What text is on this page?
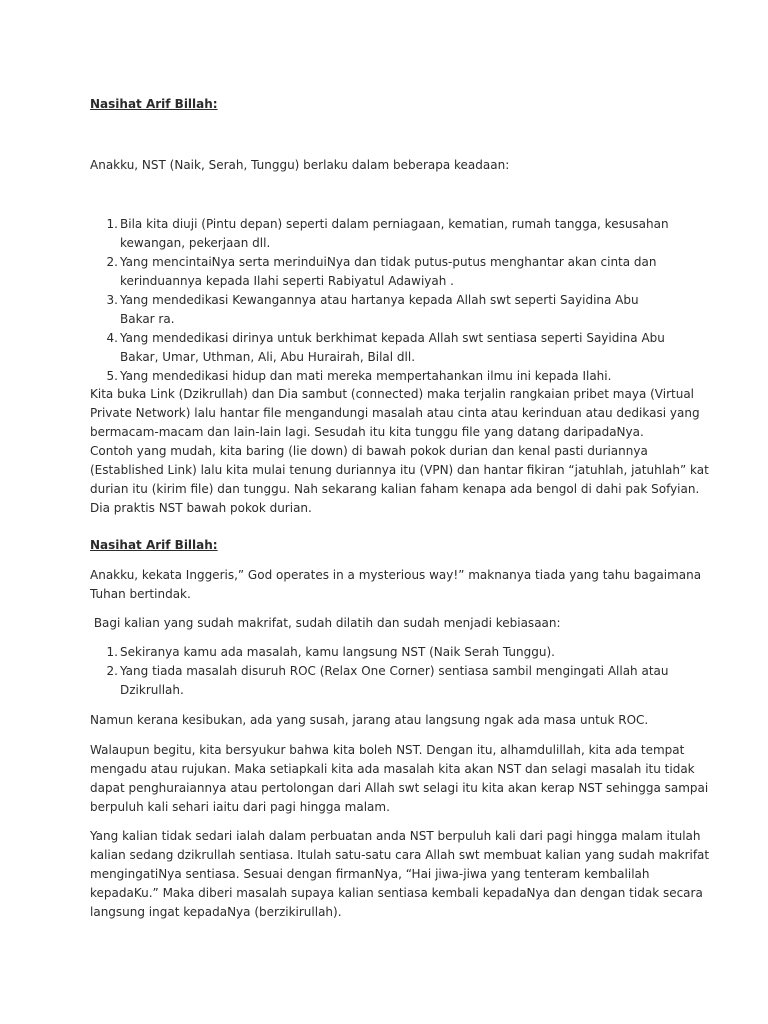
Nasihat Arif Billah:
Anakku, NST (Naik, Serah, Tunggu) berlaku dalam beberapa keadaan:
1. Bila kita diuji (Pintu depan) seperti dalam perniagaan, kematian, rumah tangga, kesusahan
kewangan, pekerjaan dll.
2. Yang mencintaiNya serta merinduiNya dan tidak putus-putus menghantar akan cinta dan
kerinduannya kepada Ilahi seperti Rabiyatul Adawiyah .
3. Yang mendedikasi Kewangannya atau hartanya kepada Allah swt seperti Sayidina Abu
Bakar ra.
4. Yang mendedikasi dirinya untuk berkhimat kepada Allah swt sentiasa seperti Sayidina Abu
Bakar, Umar, Uthman, Ali, Abu Hurairah, Bilal dll.
5. Yang mendedikasi hidup dan mati mereka mempertahankan ilmu ini kepada Ilahi.
Kita buka Link (Dzikrullah) dan Dia sambut (connected) maka terjalin rangkaian pribet maya (Virtual
Private Network) lalu hantar file mengandungi masalah atau cinta atau kerinduan atau dedikasi yang
bermacam-macam dan lain-lain lagi. Sesudah itu kita tunggu file yang datang daripadaNya.
Contoh yang mudah, kita baring (lie down) di bawah pokok durian dan kenal pasti duriannya
(Established Link) lalu kita mulai tenung duriannya itu (VPN) dan hantar fikiran “jatuhlah, jatuhlah” kat
durian itu (kirim file) dan tunggu. Nah sekarang kalian faham kenapa ada bengol di dahi pak Sofyian.
Dia praktis NST bawah pokok durian.
Nasihat Arif Billah:
Anakku, kekata Inggeris,” God operates in a mysterious way!” maknanya tiada yang tahu bagaimana
Tuhan bertindak.
Bagi kalian yang sudah makrifat, sudah dilatih dan sudah menjadi kebiasaan:
1. Sekiranya kamu ada masalah, kamu langsung NST (Naik Serah Tunggu).
2. Yang tiada masalah disuruh ROC (Relax One Corner) sentiasa sambil mengingati Allah atau
Dzikrullah.
Namun kerana kesibukan, ada yang susah, jarang atau langsung ngak ada masa untuk ROC.
Walaupun begitu, kita bersyukur bahwa kita boleh NST. Dengan itu, alhamdulillah, kita ada tempat
mengadu atau rujukan. Maka setiapkali kita ada masalah kita akan NST dan selagi masalah itu tidak
dapat penghuraiannya atau pertolongan dari Allah swt selagi itu kita akan kerap NST sehingga sampai
berpuluh kali sehari iaitu dari pagi hingga malam.
Yang kalian tidak sedari ialah dalam perbuatan anda NST berpuluh kali dari pagi hingga malam itulah
kalian sedang dzikrullah sentiasa. Itulah satu-satu cara Allah swt membuat kalian yang sudah makrifat
mengingatiNya sentiasa. Sesuai dengan firmanNya, “Hai jiwa-jiwa yang tenteram kembalilah
kepadaKu.” Maka diberi masalah supaya kalian sentiasa kembali kepadaNya dan dengan tidak secara
langsung ingat kepadaNya (berzikirullah).
